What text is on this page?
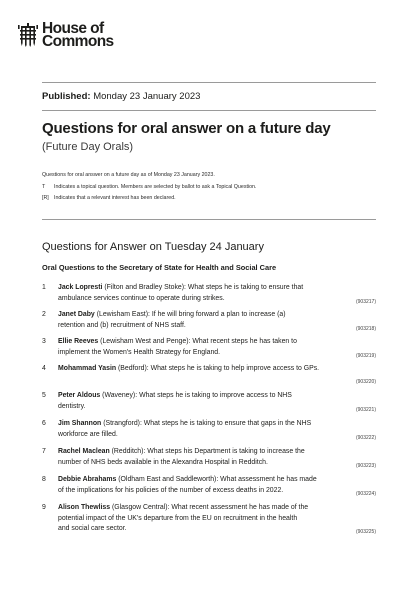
House of
Commons
Published: Monday 23 January 2023
Questions for oral answer on a future day
(Future Day Orals)
Questions for oral answer on a future day as of Monday 23 January 2023.
T Indicates a topical question. Members are selected by ballot to ask a Topical Question.
[R] Indicates that a relevant interest has been declared.
Questions for Answer on Tuesday 24 January
Oral Questions to the Secretary of State for Health and Social Care
1 Jack Lopresti (Filton and Bradley Stoke): What steps he is taking to ensure that
ambulance services continue to operate during strikes.
(903217)
2 Janet Daby (Lewisham East): If he will bring forward a plan to increase (a)
retention and (b) recruitment of NHS staff.
(903218)
3 Ellie Reeves (Lewisham West and Penge): What recent steps he has taken to
implement the Women's Health Strategy for England.
(903219)
4 Mohammad Yasin (Bedford): What steps he is taking to help improve access to GPs.
(903220)
5 Peter Aldous (Waveney): What steps he is taking to improve access to NHS
dentistry.
(903221)
6 Jim Shannon (Strangford): What steps he is taking to ensure that gaps in the NHS
workforce are filled.
(903222)
7 Rachel Maclean (Redditch): What steps his Department is taking to increase the
number of NHS beds available in the Alexandra Hospital in Redditch.
(903223)
8 Debbie Abrahams (Oldham East and Saddleworth): What assessment he has made
of the implications for his policies of the number of excess deaths in 2022.
(903224)
9 Alison Thewliss (Glasgow Central): What recent assessment he has made of the
potential impact of the UK's departure from the EU on recruitment in the health
and social care sector.	(903225)
